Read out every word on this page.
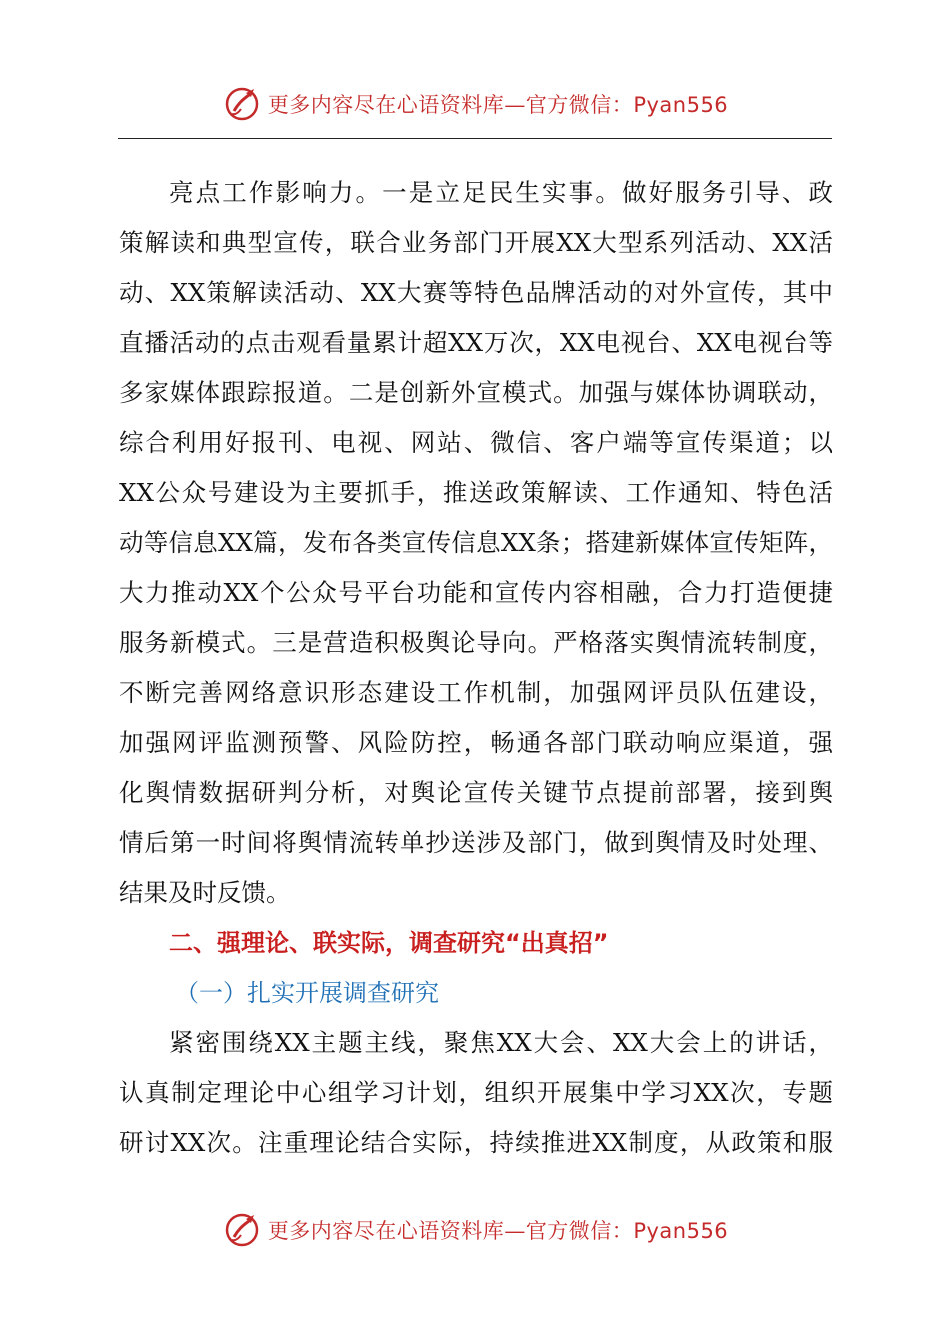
更多内容尽在心语资料库—官方微信：Pyan556
亮点工作影响力。一是立足民生实事。做好服务引导、政
策解读和典型宣传，联合业务部门开展XX大型系列活动、XX活
动、XX策解读活动、XX大赛等特色品牌活动的对外宣传，其中
直播活动的点击观看量累计超XX万次，XX电视台、XX电视台等
多家媒体跟踪报道。二是创新外宣模式。加强与媒体协调联动，
综合利用好报刊、电视、网站、微信、客户端等宣传渠道；以
XX公众号建设为主要抓手，推送政策解读、工作通知、特色活
动等信息XX篇，发布各类宣传信息XX条；搭建新媒体宣传矩阵，
大力推动XX个公众号平台功能和宣传内容相融，合力打造便捷
服务新模式。三是营造积极舆论导向。严格落实舆情流转制度，
不断完善网络意识形态建设工作机制，加强网评员队伍建设，
加强网评监测预警、风险防控，畅通各部门联动响应渠道，强
化舆情数据研判分析，对舆论宣传关键节点提前部署，接到舆
情后第一时间将舆情流转单抄送涉及部门，做到舆情及时处理、
结果及时反馈。
二、强理论、联实际，调查研究“出真招”
（一）扎实开展调查研究
紧密围绕XX主题主线，聚焦XX大会、XX大会上的讲话，
认真制定理论中心组学习计划，组织开展集中学习XX次，专题
研讨XX次。注重理论结合实际，持续推进XX制度，从政策和服
更多内容尽在心语资料库—官方微信：Pyan556
